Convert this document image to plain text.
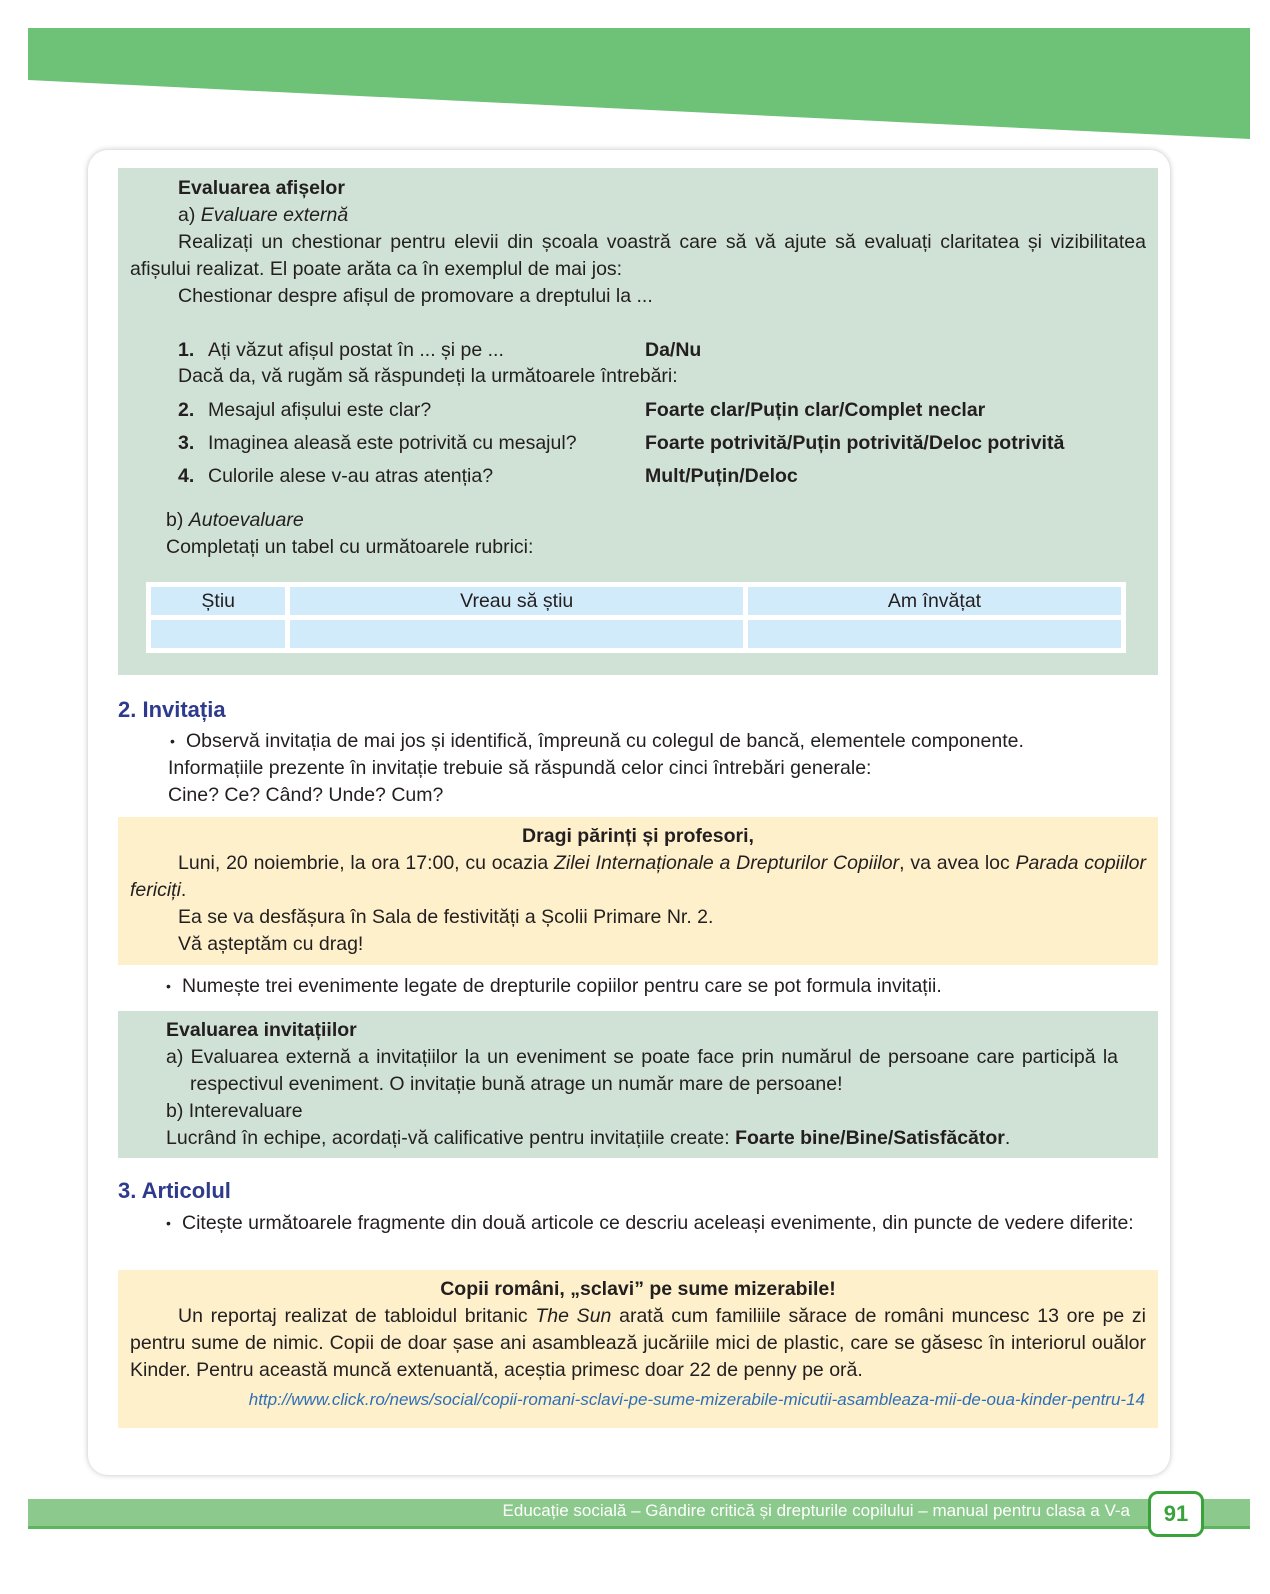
Evaluarea afișelor
a) Evaluare externă
Realizați un chestionar pentru elevii din școala voastră care să vă ajute să evaluați claritatea și vizibilitatea afișului realizat. El poate arăta ca în exemplul de mai jos:
Chestionar despre afișul de promovare a dreptului la ...
1. Ați văzut afișul postat în ... și pe ...	Da/Nu
Dacă da, vă rugăm să răspundeți la următoarele întrebări:
2. Mesajul afișului este clar?	Foarte clar/Puțin clar/Complet neclar
3. Imaginea aleasă este potrivită cu mesajul?	Foarte potrivită/Puțin potrivită/Deloc potrivită
4. Culorile alese v-au atras atenția?	Mult/Puțin/Deloc
b) Autoevaluare
Completați un tabel cu următoarele rubrici:
Știu	Vreau să știu	Am învățat

2. Invitația
• Observă invitația de mai jos și identifică, împreună cu colegul de bancă, elementele componente.
Informațiile prezente în invitație trebuie să răspundă celor cinci întrebări generale:
Cine? Ce? Când? Unde? Cum?
Dragi părinți și profesori,
Luni, 20 noiembrie, la ora 17:00, cu ocazia Zilei Internaționale a Drepturilor Copiilor, va avea loc Parada copiilor fericiți.
Ea se va desfășura în Sala de festivități a Școlii Primare Nr. 2.
Vă așteptăm cu drag!
• Numește trei evenimente legate de drepturile copiilor pentru care se pot formula invitații.
Evaluarea invitațiilor
a) Evaluarea externă a invitațiilor la un eveniment se poate face prin numărul de persoane care participă la respectivul eveniment. O invitație bună atrage un număr mare de persoane!
b) Interevaluare
Lucrând în echipe, acordați-vă calificative pentru invitațiile create: Foarte bine/Bine/Satisfăcător.
3. Articolul
• Citește următoarele fragmente din două articole ce descriu aceleași evenimente, din puncte de vedere diferite:
Copii români, „sclavi” pe sume mizerabile!
Un reportaj realizat de tabloidul britanic The Sun arată cum familiile sărace de români muncesc 13 ore pe zi pentru sume de nimic. Copii de doar șase ani asamblează jucăriile mici de plastic, care se găsesc în interiorul ouălor Kinder. Pentru această muncă extenuantă, aceștia primesc doar 22 de penny pe oră.
http://www.click.ro/news/social/copii-romani-sclavi-pe-sume-mizerabile-micutii-asambleaza-mii-de-oua-kinder-pentru-14
Educație socială – Gândire critică și drepturile copilului – manual pentru clasa a V-a	91
